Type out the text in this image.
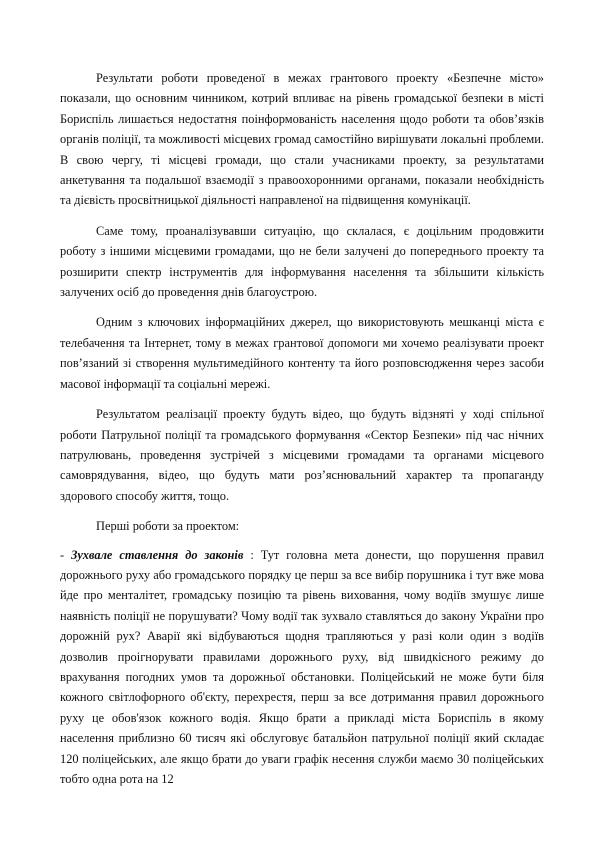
Результати роботи проведеної в межах грантового проекту «Безпечне місто» показали, що основним чинником, котрий впливає на рівень громадської безпеки в місті Бориспіль лишається недостатня поінформованість населення щодо роботи та обов’язків органів поліції, та можливості місцевих громад самостійно вирішувати локальні проблеми. В свою чергу, ті місцеві громади, що стали учасниками проекту, за результатами анкетування та подальшої взаємодії з правоохоронними органами, показали необхідність та дієвість просвітницької діяльності направленої на підвищення комунікації.

Саме тому, проаналізувавши ситуацію, що склалася, є доцільним продовжити роботу з іншими місцевими громадами, що не бели залучені до попереднього проекту та розширити спектр інструментів для інформування населення та збільшити кількість залучених осіб до проведення днів благоустрою.

Одним з ключових інформаційних джерел, що використовують мешканці міста є телебачення та Інтернет, тому в межах грантової допомоги ми хочемо реалізувати проект пов’язаний зі створення мультимедійного контенту та його розповсюдження через засоби масової інформації та соціальні мережі.

Результатом реалізації проекту будуть відео, що будуть відзняті у ході спільної роботи Патрульної поліції та громадського формування «Сектор Безпеки» під час нічних патрулювань, проведення зустрічей з місцевими громадами та органами місцевого самоврядування, відео, що будуть мати роз’яснювальний характер та пропаганду здорового способу життя, тощо.

Перші роботи за проектом:

- Зухвале ставлення до законів : Тут головна мета донести, що порушення правил дорожнього руху або громадського порядку це перш за все вибір порушника і тут вже мова йде про менталітет, громадську позицію та рівень виховання, чому водіїв змушує лише наявність поліції не порушувати? Чому водії так зухвало ставляться до закону України про дорожній рух? Аварії які відбуваються щодня трапляються у разі коли один з водіїв дозволив проігнорувати правилами дорожнього руху, від швидкісного режиму до врахування погодних умов та дорожньої обстановки. Поліцейський не може бути біля кожного світлофорного об'єкту, перехрестя, перш за все дотримання правил дорожнього руху це обов'язок кожного водія. Якщо брати а прикладі міста Бориспіль в якому населення приблизно 60 тисяч які обслуговує батальйон патрульної поліції який складає 120 поліцейських, але якщо брати до уваги графік несення служби маємо 30 поліцейських тобто одна рота на 12
